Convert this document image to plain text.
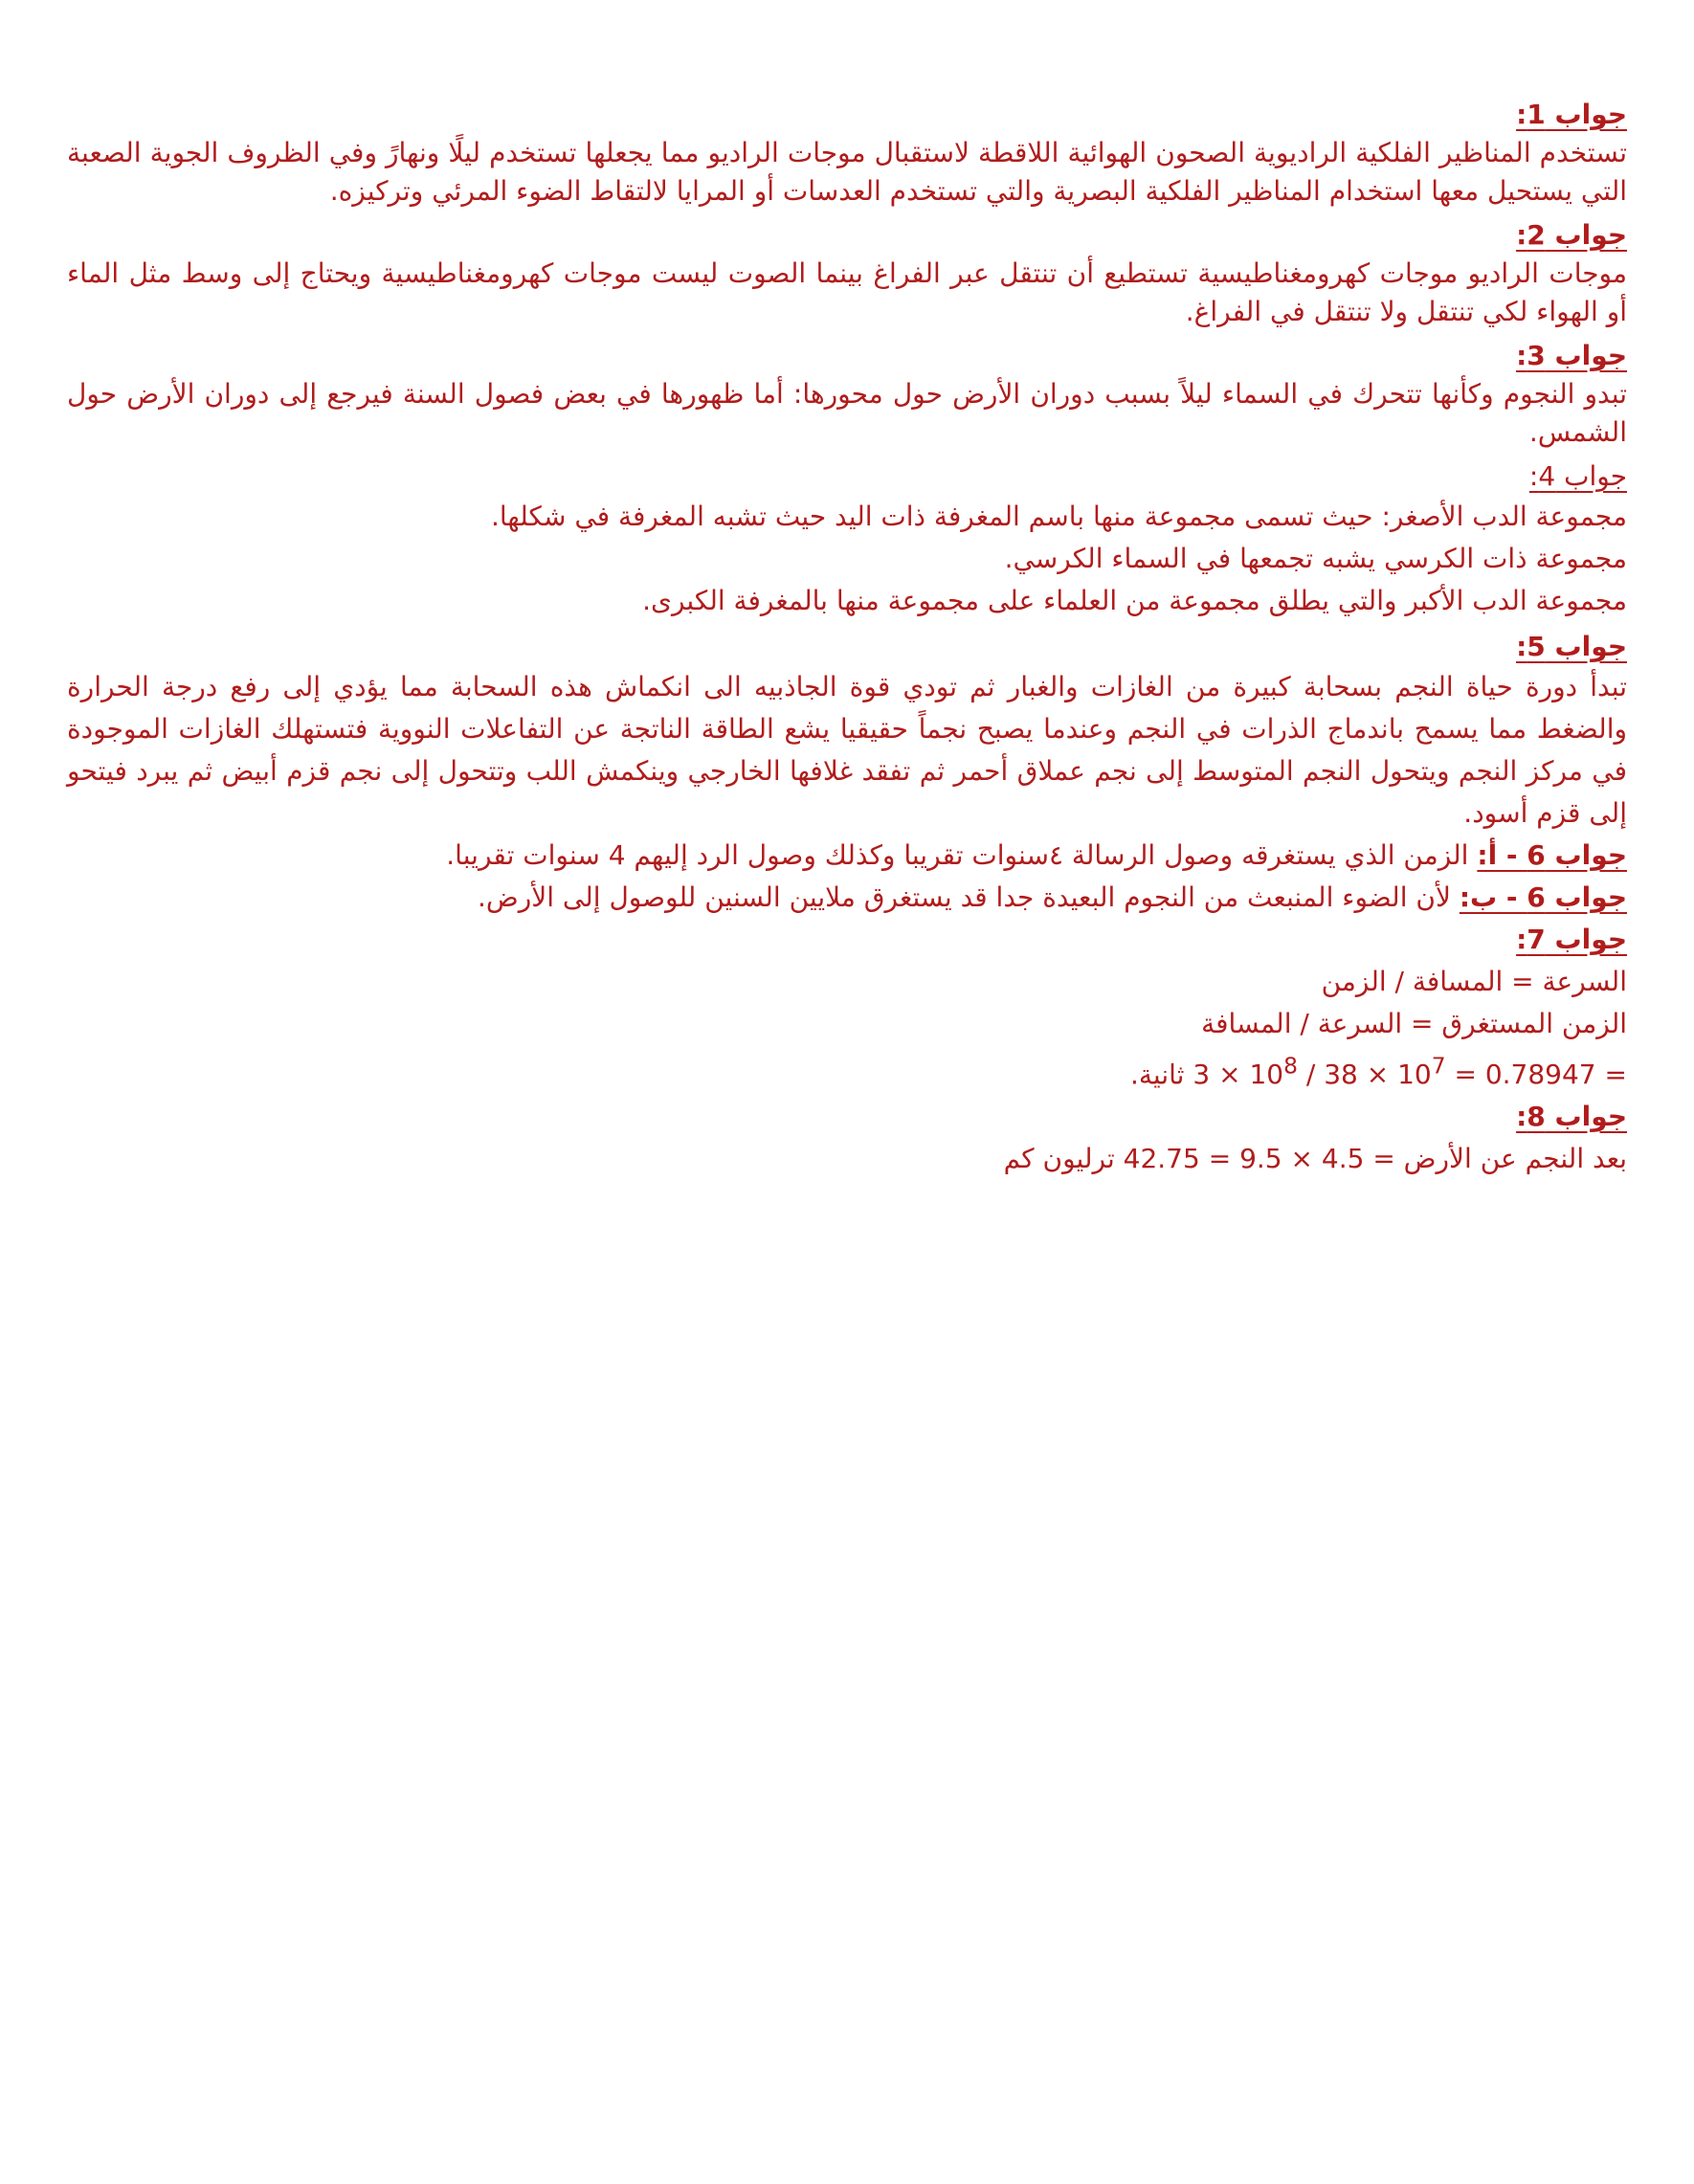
جواب 1:

تستخدم المناظير الفلكية الراديوية الصحون الهوائية اللاقطة لاستقبال موجات الراديو مما يجعلها تستخدم ليلًا ونهارً وفي الظروف الجوية الصعبة التي يستحيل معها استخدام المناظير الفلكية البصرية والتي تستخدم العدسات أو المرايا لالتقاط الضوء المرئي وتركيزه.

جواب 2:

موجات الراديو موجات كهرومغناطيسية تستطيع أن تنتقل عبر الفراغ بينما الصوت ليست موجات كهرومغناطيسية ويحتاج إلى وسط مثل الماء أو الهواء لكي تنتقل ولا تنتقل في الفراغ.

جواب 3:

تبدو النجوم وكأنها تتحرك في السماء ليلاً بسبب دوران الأرض حول محورها: أما ظهورها في بعض فصول السنة فيرجع إلى دوران الأرض حول الشمس.

جواب 4:

مجموعة الدب الأصغر: حيث تسمى مجموعة منها باسم المغرفة ذات اليد حيث تشبه المغرفة في شكلها.

مجموعة ذات الكرسي يشبه تجمعها في السماء الكرسي.

مجموعة الدب الأكبر والتي يطلق مجموعة من العلماء على مجموعة منها بالمغرفة الكبرى.

جواب 5:

تبدأ دورة حياة النجم بسحابة كبيرة من الغازات والغبار ثم تودي قوة الجاذبيه الى انكماش هذه السحابة مما يؤدي إلى رفع درجة الحرارة والضغط مما يسمح باندماج الذرات في النجم وعندما يصبح نجماً حقيقيا يشع الطاقة الناتجة عن التفاعلات النووية فتستهلك الغازات الموجودة في مركز النجم ويتحول النجم المتوسط إلى نجم عملاق أحمر ثم تفقد غلافها الخارجي وينكمش اللب وتتحول إلى نجم قزم أبيض ثم يبرد فيتحو إلى قزم أسود.

جواب 6 - أ: الزمن الذي يستغرقه وصول الرسالة ٤سنوات تقريبا وكذلك وصول الرد إليهم 4 سنوات تقريبا.

جواب 6 - ب: لأن الضوء المنبعث من النجوم البعيدة جدا قد يستغرق ملايين السنين للوصول إلى الأرض.

جواب 7:

السرعة = المسافة / الزمن

الزمن المستغرق = السرعة / المسافة

= $3 \times 10^8 / 38 \times 10^7 = 0.78947$ ثانية.

جواب 8:

بعد النجم عن الأرض = 4.5 × 9.5 = 42.75 ترليون كم
